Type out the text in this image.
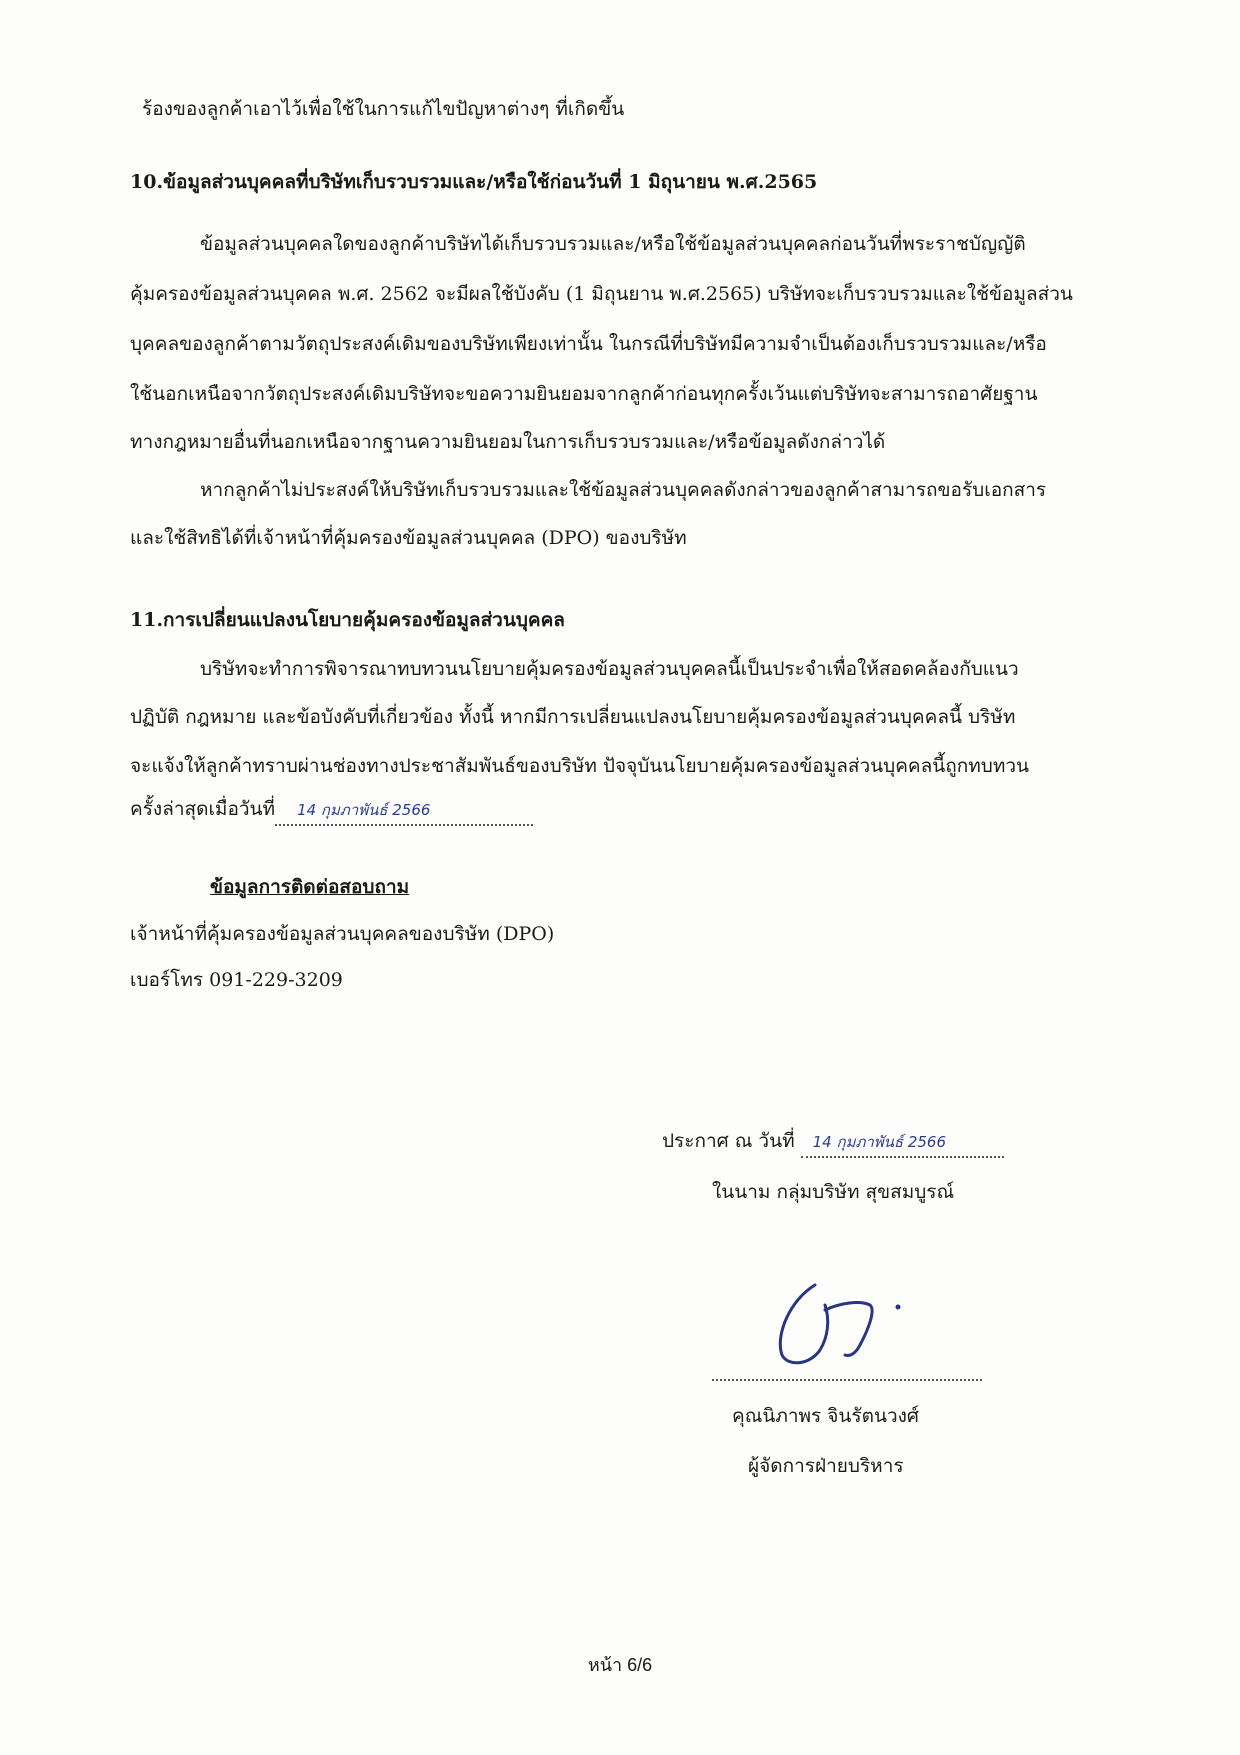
ร้องของลูกค้าเอาไว้เพื่อใช้ในการแก้ไขปัญหาต่างๆ ที่เกิดขึ้น
10.ข้อมูลส่วนบุคคลที่บริษัทเก็บรวบรวมและ/หรือใช้ก่อนวันที่ 1 มิถุนายน พ.ศ.2565
ข้อมูลส่วนบุคคลใดของลูกค้าบริษัทได้เก็บรวบรวมและ/หรือใช้ข้อมูลส่วนบุคคลก่อนวันที่พระราชบัญญัติ
คุ้มครองข้อมูลส่วนบุคคล พ.ศ. 2562 จะมีผลใช้บังคับ (1 มิถุนยาน พ.ศ.2565) บริษัทจะเก็บรวบรวมและใช้ข้อมูลส่วน
บุคคลของลูกค้าตามวัตถุประสงค์เดิมของบริษัทเพียงเท่านั้น ในกรณีที่บริษัทมีความจำเป็นต้องเก็บรวบรวมและ/หรือ
ใช้นอกเหนือจากวัตถุประสงค์เดิมบริษัทจะขอความยินยอมจากลูกค้าก่อนทุกครั้งเว้นแต่บริษัทจะสามารถอาศัยฐาน
ทางกฎหมายอื่นที่นอกเหนือจากฐานความยินยอมในการเก็บรวบรวมและ/หรือข้อมูลดังกล่าวได้
หากลูกค้าไม่ประสงค์ให้บริษัทเก็บรวบรวมและใช้ข้อมูลส่วนบุคคลดังกล่าวของลูกค้าสามารถขอรับเอกสาร
และใช้สิทธิได้ที่เจ้าหน้าที่คุ้มครองข้อมูลส่วนบุคคล (DPO) ของบริษัท
11.การเปลี่ยนแปลงนโยบายคุ้มครองข้อมูลส่วนบุคคล
บริษัทจะทำการพิจารณาทบทวนนโยบายคุ้มครองข้อมูลส่วนบุคคลนี้เป็นประจำเพื่อให้สอดคล้องกับแนว
ปฏิบัติ กฎหมาย และข้อบังคับที่เกี่ยวข้อง ทั้งนี้ หากมีการเปลี่ยนแปลงนโยบายคุ้มครองข้อมูลส่วนบุคคลนี้ บริษัท
จะแจ้งให้ลูกค้าทราบผ่านช่องทางประชาสัมพันธ์ของบริษัท ปัจจุบันนโยบายคุ้มครองข้อมูลส่วนบุคคลนี้ถูกทบทวน
ครั้งล่าสุดเมื่อวันที่ 14 กุมภาพันธ์ 2566
ข้อมูลการติดต่อสอบถาม
เจ้าหน้าที่คุ้มครองข้อมูลส่วนบุคคลของบริษัท (DPO)
เบอร์โทร 091-229-3209
ประกาศ ณ วันที่ 14 กุมภาพันธ์ 2566
ในนาม กลุ่มบริษัท สุขสมบูรณ์
คุณนิภาพร จินรัตนวงศ์
ผู้จัดการฝ่ายบริหาร
หน้า 6/6
